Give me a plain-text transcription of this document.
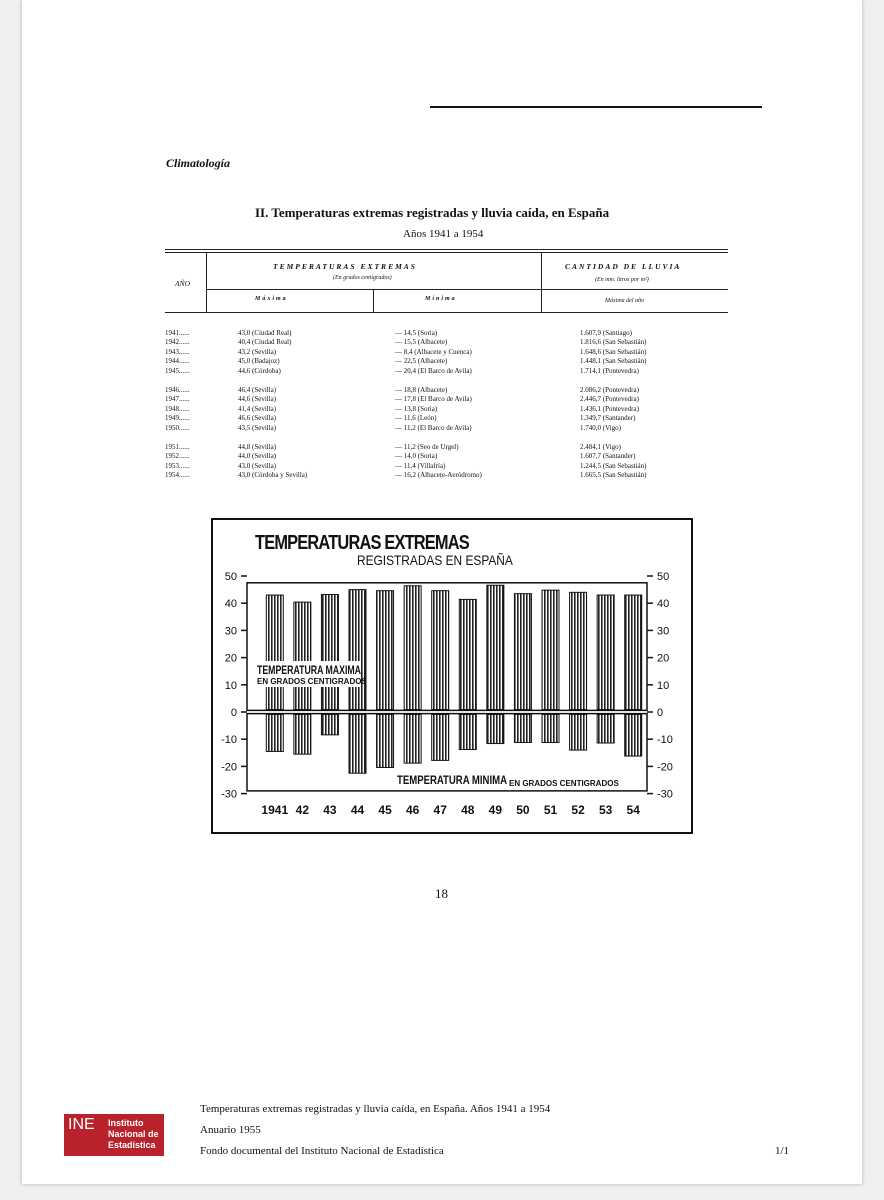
Climatología
II. Temperaturas extremas registradas y lluvia caída, en España
Años 1941 a 1954
AÑO
TEMPERATURAS EXTREMAS
(En grados centígrados)
Máxima	Mínima
CANTIDAD DE LLUVIA
(En mm. litros por m²)
Máxima del año
1941......	43,0 (Ciudad Real)	— 14,5 (Soria)	1.607,9 (Santiago)
1942......	40,4 (Ciudad Real)	— 15,5 (Albacete)	1.816,6 (San Sebastián)
1943......	43,2 (Sevilla)	— 8,4 (Albacete y Cuenca)	1.648,6 (San Sebastián)
1944......	45,0 (Badajoz)	— 22,5 (Albacete)	1.448,1 (San Sebastián)
1945......	44,6 (Córdoba)	— 20,4 (El Barco de Avila)	1.714,1 (Pontevedra)
1946......	46,4 (Sevilla)	— 18,8 (Albacete)	2.086,2 (Pontevedra)
1947......	44,6 (Sevilla)	— 17,8 (El Barco de Avila)	2.446,7 (Pontevedra)
1948......	41,4 (Sevilla)	— 13,8 (Soria)	1.436,1 (Pontevedra)
1949......	46,6 (Sevilla)	— 11,6 (León)	1.349,7 (Santander)
1950......	43,5 (Sevilla)	— 11,2 (El Barco de Avila)	1.740,0 (Vigo)
1951......	44,8 (Sevilla)	— 11,2 (Seo de Urgel)	2.484,1 (Vigo)
1952......	44,0 (Sevilla)	— 14,0 (Soria)	1.607,7 (Santander)
1953......	43,0 (Sevilla)	— 11,4 (Villafría)	1.244,5 (San Sebastián)
1954......	43,0 (Córdoba y Sevilla)	— 16,2 (Albacete-Aeródromo)	1.665,5 (San Sebastián)
TEMPERATURAS EXTREMAS
REGISTRADAS EN ESPAÑA
50	50
40	40
30	30
20	20
10	10
0	0
-10	-10
-20	-20
-30	-30
1941 42 43 44 45 46 47 48 49 50 51 52 53 54
TEMPERATURA MAXIMA
EN GRADOS CENTIGRADOS
TEMPERATURA MINIMA EN GRADOS CENTIGRADOS
18
INE Instituto
Nacional de
Estadística
Temperaturas extremas registradas y lluvia caída, en España. Años 1941 a 1954
Anuario 1955
Fondo documental del Instituto Nacional de Estadística	1/1
